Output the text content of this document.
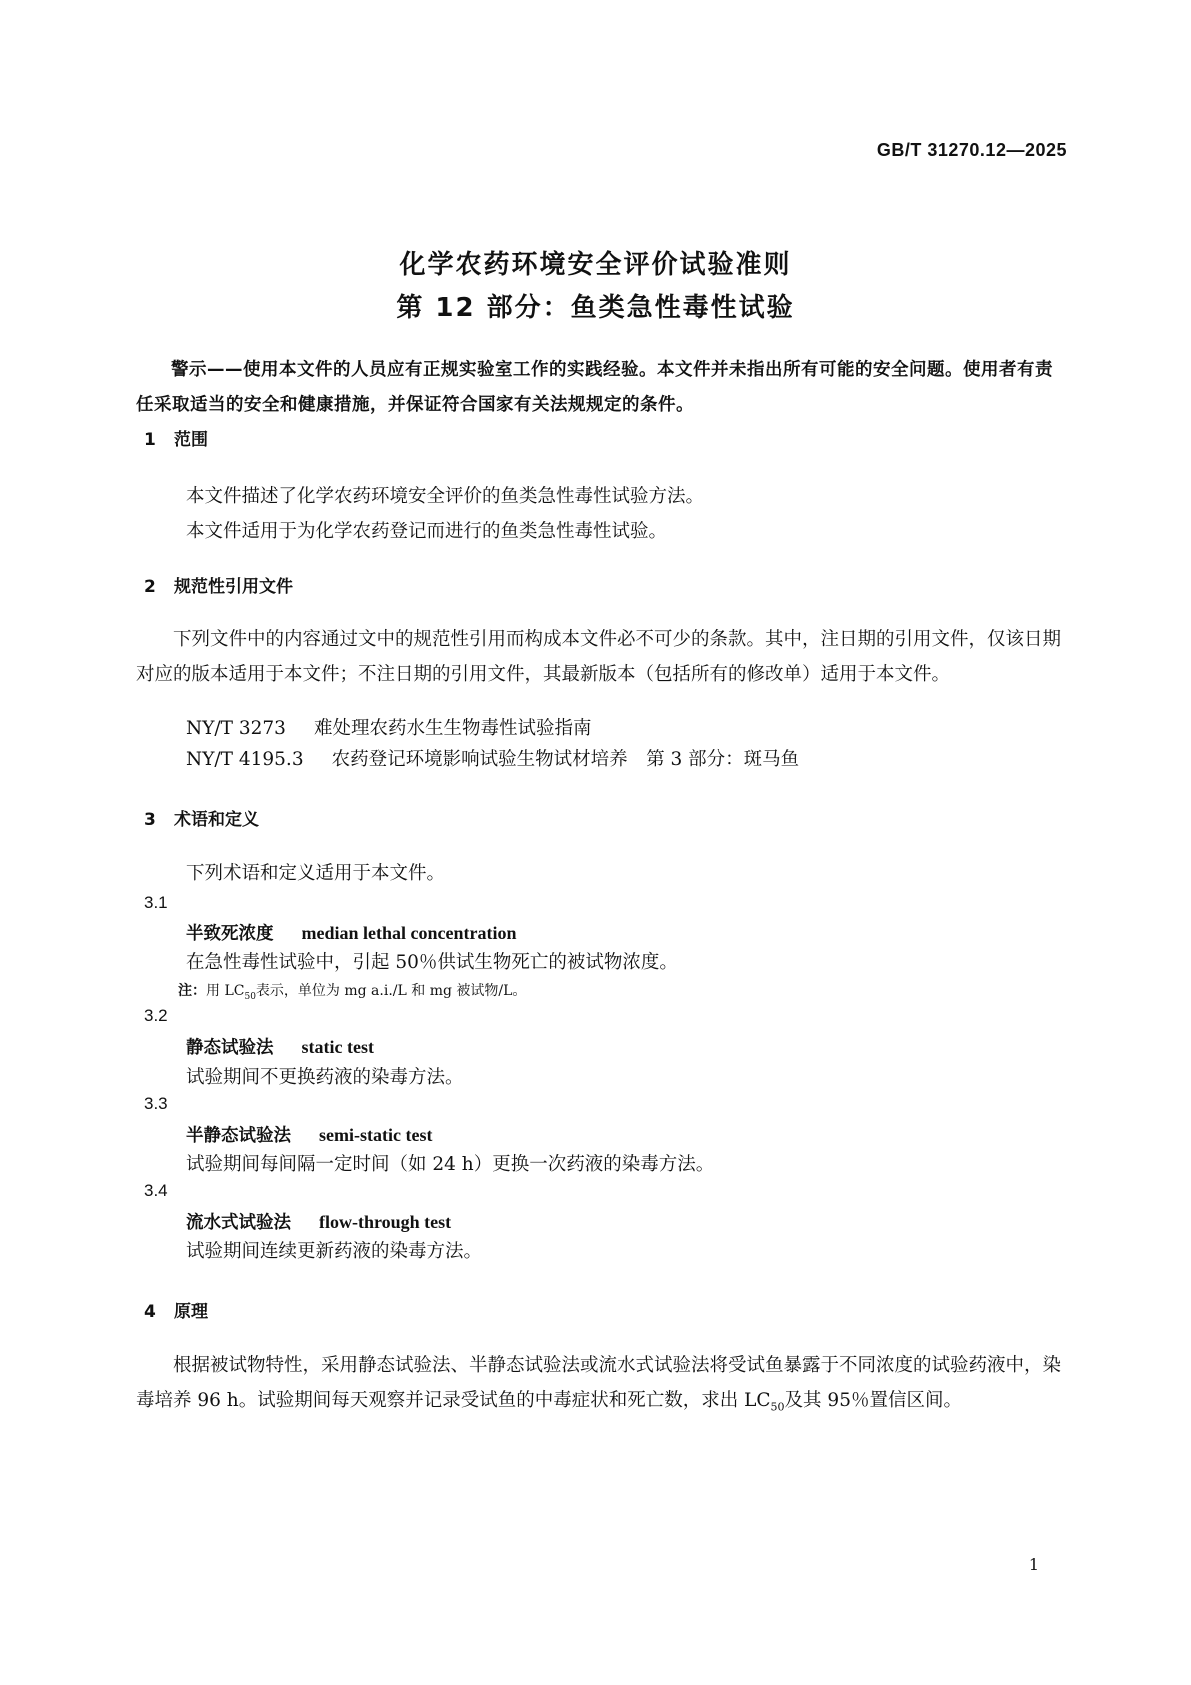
GB/T 31270.12—2025
化学农药环境安全评价试验准则
第 12 部分：鱼类急性毒性试验
警示——使用本文件的人员应有正规实验室工作的实践经验。本文件并未指出所有可能的安全问题。使用者有责任采取适当的安全和健康措施，并保证符合国家有关法规规定的条件。
1 范围
本文件描述了化学农药环境安全评价的鱼类急性毒性试验方法。
本文件适用于为化学农药登记而进行的鱼类急性毒性试验。
2 规范性引用文件
下列文件中的内容通过文中的规范性引用而构成本文件必不可少的条款。其中，注日期的引用文件，仅该日期对应的版本适用于本文件；不注日期的引用文件，其最新版本（包括所有的修改单）适用于本文件。
NY/T 3273 难处理农药水生生物毒性试验指南
NY/T 4195.3 农药登记环境影响试验生物试材培养　第 3 部分：斑马鱼
3 术语和定义
下列术语和定义适用于本文件。
3.1
半致死浓度 median lethal concentration
在急性毒性试验中，引起 50％供试生物死亡的被试物浓度。
注：用 $LC_{50}$表示，单位为 mg a.i./L 和 mg 被试物/L。
3.2
静态试验法 static test
试验期间不更换药液的染毒方法。
3.3
半静态试验法 semi-static test
试验期间每间隔一定时间（如 24 h）更换一次药液的染毒方法。
3.4
流水式试验法 flow-through test
试验期间连续更新药液的染毒方法。
4 原理
根据被试物特性，采用静态试验法、半静态试验法或流水式试验法将受试鱼暴露于不同浓度的试验药液中，染毒培养 96 h。试验期间每天观察并记录受试鱼的中毒症状和死亡数，求出 $LC_{50}$及其 95％置信区间。
1
